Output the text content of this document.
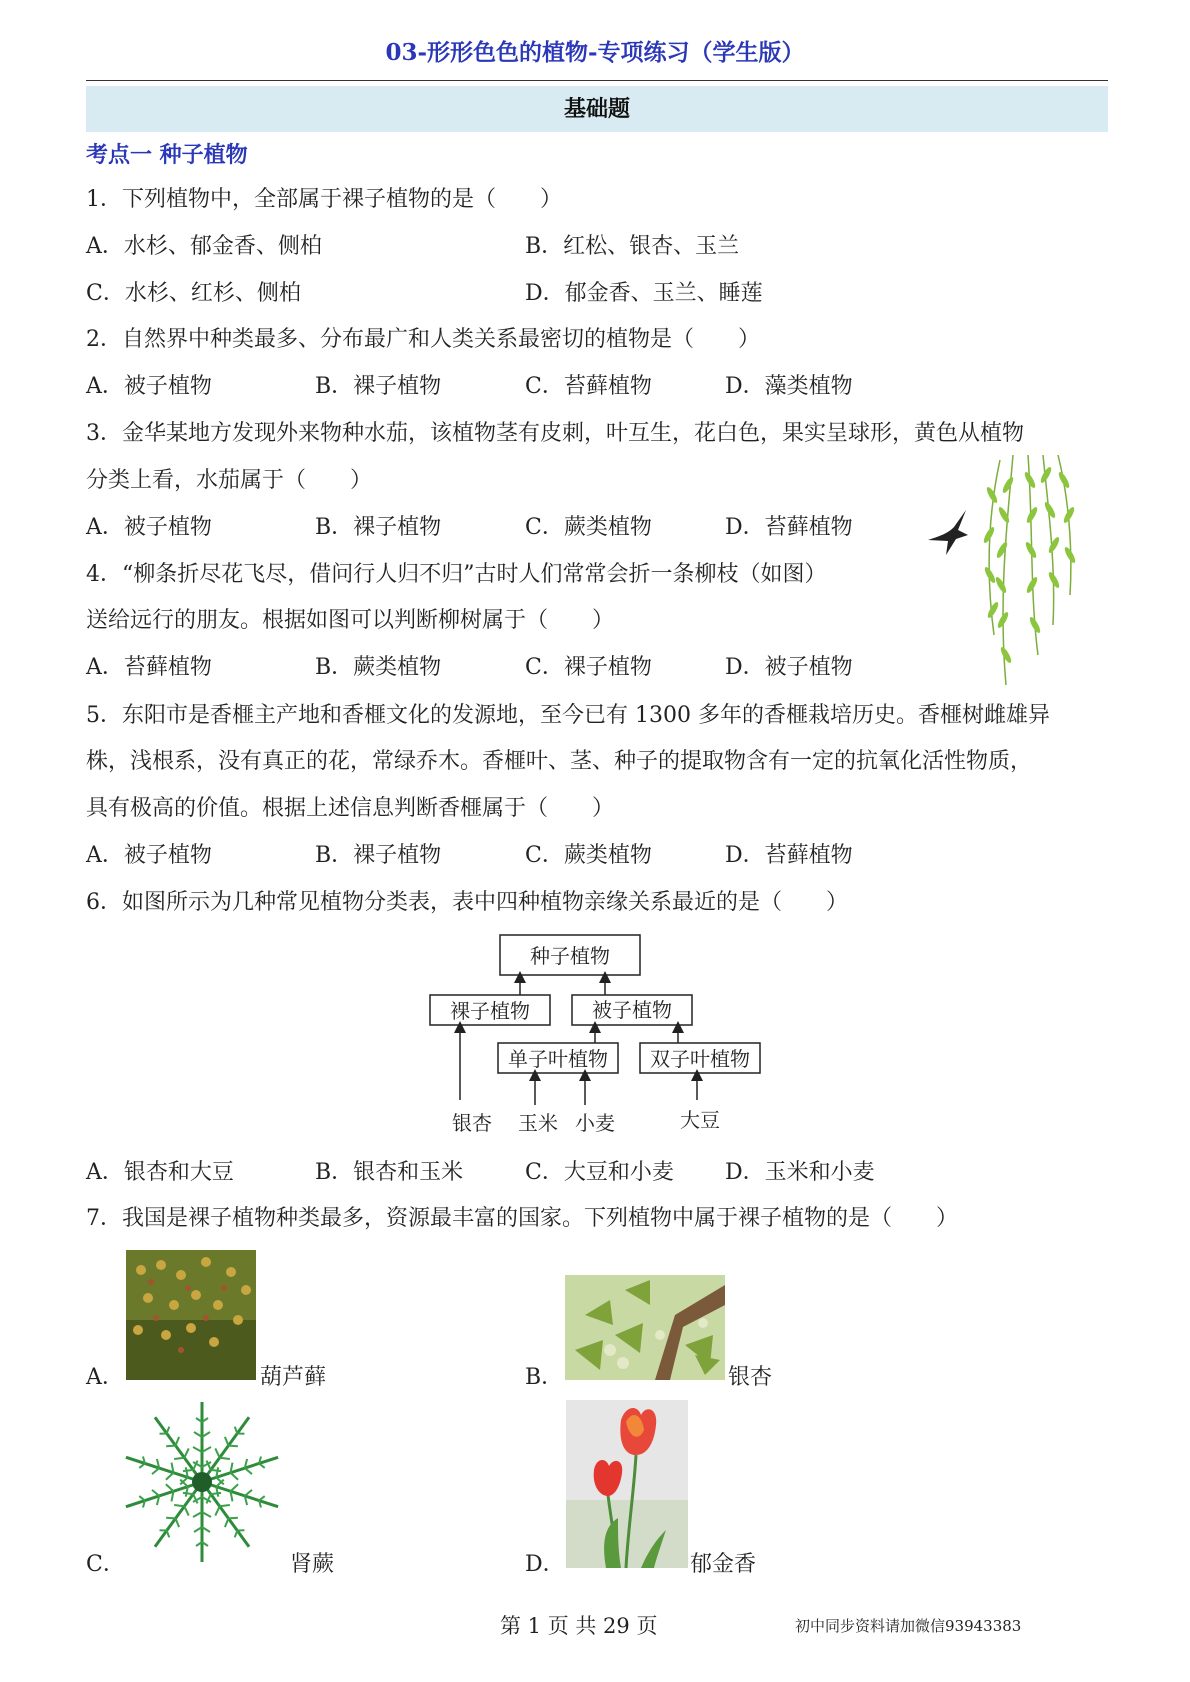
03-形形色色的植物-专项练习（学生版）
基础题
考点一 种子植物
1．下列植物中，全部属于裸子植物的是（　　）
A．水杉、郁金香、侧柏	B．红松、银杏、玉兰
C．水杉、红杉、侧柏	D．郁金香、玉兰、睡莲
2．自然界中种类最多、分布最广和人类关系最密切的植物是（　　）
A．被子植物	B．裸子植物	C．苔藓植物	D．藻类植物
3．金华某地方发现外来物种水茄，该植物茎有皮刺，叶互生，花白色，果实呈球形，黄色从植物
分类上看，水茄属于（　　）
A．被子植物	B．裸子植物	C．蕨类植物	D．苔藓植物
4．“柳条折尽花飞尽，借问行人归不归”古时人们常常会折一条柳枝（如图）
送给远行的朋友。根据如图可以判断柳树属于（　　）
A．苔藓植物	B．蕨类植物	C．裸子植物	D．被子植物
5．东阳市是香榧主产地和香榧文化的发源地，至今已有 1300 多年的香榧栽培历史。香榧树雌雄异
株，浅根系，没有真正的花，常绿乔木。香榧叶、茎、种子的提取物含有一定的抗氧化活性物质，
具有极高的价值。根据上述信息判断香榧属于（　　）
A．被子植物	B．裸子植物	C．蕨类植物	D．苔藓植物
6．如图所示为几种常见植物分类表，表中四种植物亲缘关系最近的是（　　）
种子植物
裸子植物	被子植物
单子叶植物 双子叶植物
银杏 玉米 小麦	大豆
A．银杏和大豆	B．银杏和玉米	C．大豆和小麦 D．玉米和小麦
7．我国是裸子植物种类最多，资源最丰富的国家。下列植物中属于裸子植物的是（　　）
A．	葫芦藓	B．	银杏
C．	肾蕨	D．	郁金香
第 1 页 共 29 页	初中同步资料请加微信93943383
